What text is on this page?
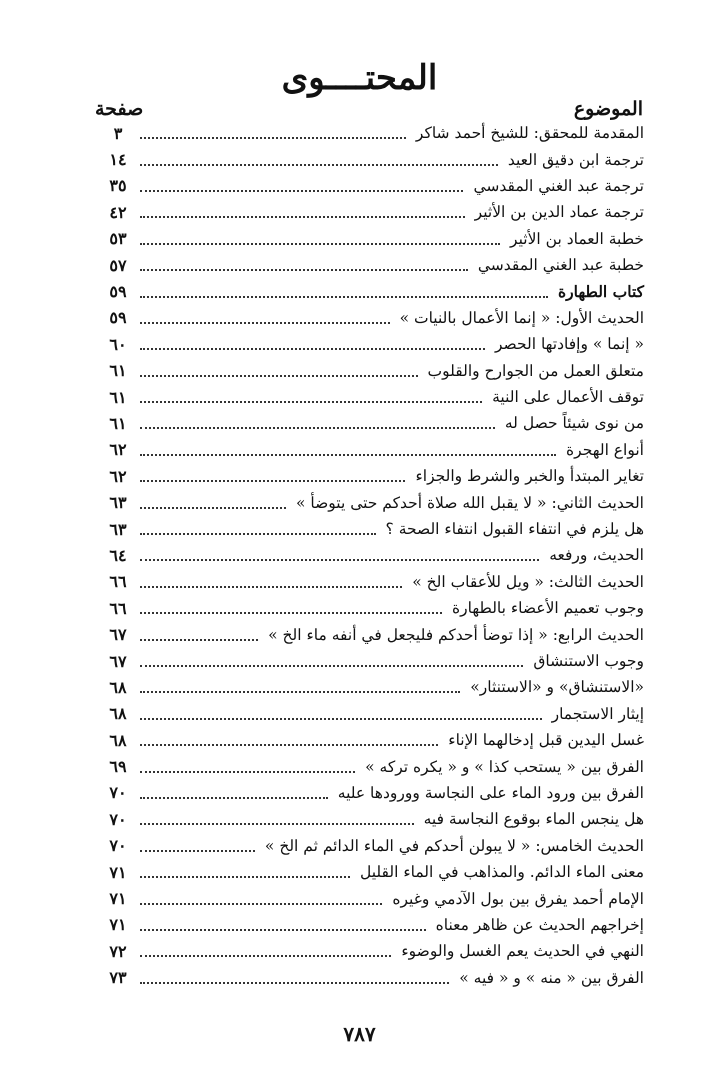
المحتــــوى
الموضوع
صفحة
المقدمة للمحقق: للشيخ أحمد شاكر
٣
ترجمة ابن دقيق العيد
١٤
ترجمة عبد الغني المقدسي
٣٥
ترجمة عماد الدين بن الأثير
٤٢
خطبة العماد بن الأثير
٥٣
خطبة عبد الغني المقدسي
٥٧
كتاب الطهارة
٥٩
الحديث الأول: « إنما الأعمال بالنيات »
٥٩
« إنما » وإفادتها الحصر
٦٠
متعلق العمل من الجوارح والقلوب
٦١
توقف الأعمال على النية
٦١
من نوى شيئاً حصل له
٦١
أنواع الهجرة
٦٢
تغاير المبتدأ والخبر والشرط والجزاء
٦٢
الحديث الثاني: « لا يقبل الله صلاة أحدكم حتى يتوضأ »
٦٣
هل يلزم في انتفاء القبول انتفاء الصحة ؟
٦٣
الحديث، ورفعه
٦٤
الحديث الثالث: « ويل للأعقاب الخ »
٦٦
وجوب تعميم الأعضاء بالطهارة
٦٦
الحديث الرابع: « إذا توضأ أحدكم فليجعل في أنفه ماء الخ »
٦٧
وجوب الاستنشاق
٦٧
«الاستنشاق» و «الاستنثار»
٦٨
إيثار الاستجمار
٦٨
غسل اليدين قبل إدخالهما الإناء
٦٨
الفرق بين « يستحب كذا » و « يكره تركه »
٦٩
الفرق بين ورود الماء على النجاسة وورودها عليه
٧٠
هل ينجس الماء بوقوع النجاسة فيه
٧٠
الحديث الخامس: « لا يبولن أحدكم في الماء الدائم ثم الخ »
٧٠
معنى الماء الدائم. والمذاهب في الماء القليل
٧١
الإمام أحمد يفرق بين بول الآدمي وغيره
٧١
إخراجهم الحديث عن ظاهر معناه
٧١
النهي في الحديث يعم الغسل والوضوء
٧٢
الفرق بين « منه » و « فيه »
٧٣
٧٨٧
